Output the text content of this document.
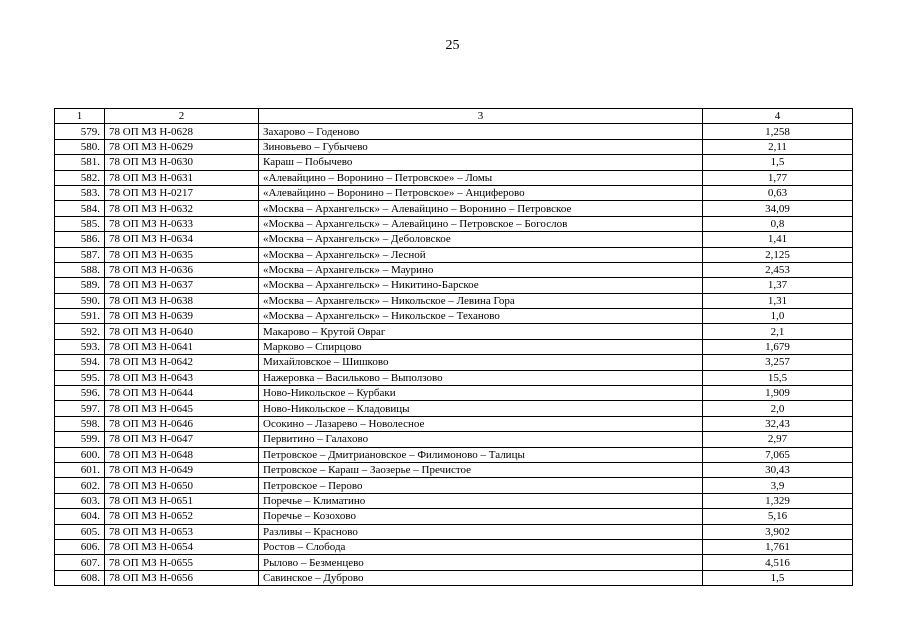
25
1	2	3	4
579.	78 ОП МЗ Н-0628	Захарово – Годеново	1,258
580.	78 ОП МЗ Н-0629	Зиновьево – Губычево	2,11
581.	78 ОП МЗ Н-0630	Караш – Побычево	1,5
582.	78 ОП МЗ Н-0631	«Алевайцино – Воронино – Петровское» – Ломы	1,77
583.	78 ОП МЗ Н-0217	«Алевайцино – Воронино – Петровское» – Анциферово	0,63
584.	78 ОП МЗ Н-0632	«Москва – Архангельск» – Алевайцино – Воронино – Петровское	34,09
585.	78 ОП МЗ Н-0633	«Москва – Архангельск» – Алевайцино – Петровское – Богослов	0,8
586.	78 ОП МЗ Н-0634	«Москва – Архангельск» – Деболовское	1,41
587.	78 ОП МЗ Н-0635	«Москва – Архангельск» – Лесной	2,125
588.	78 ОП МЗ Н-0636	«Москва – Архангельск» – Маурино	2,453
589.	78 ОП МЗ Н-0637	«Москва – Архангельск» – Никитино-Барское	1,37
590.	78 ОП МЗ Н-0638	«Москва – Архангельск» – Никольское – Левина Гора	1,31
591.	78 ОП МЗ Н-0639	«Москва – Архангельск» – Никольское – Теханово	1,0
592.	78 ОП МЗ Н-0640	Макарово – Крутой Овраг	2,1
593.	78 ОП МЗ Н-0641	Марково – Спирцово	1,679
594.	78 ОП МЗ Н-0642	Михайловское – Шишково	3,257
595.	78 ОП МЗ Н-0643	Нажеровка – Васильково – Выползово	15,5
596.	78 ОП МЗ Н-0644	Ново-Никольское – Курбаки	1,909
597.	78 ОП МЗ Н-0645	Ново-Никольское – Кладовицы	2,0
598.	78 ОП МЗ Н-0646	Осокино – Лазарево – Новолесное	32,43
599.	78 ОП МЗ Н-0647	Первитино – Галахово	2,97
600.	78 ОП МЗ Н-0648	Петровское – Дмитриановское – Филимоново – Талицы	7,065
601.	78 ОП МЗ Н-0649	Петровское – Караш – Заозерье – Пречистое	30,43
602.	78 ОП МЗ Н-0650	Петровское – Перово	3,9
603.	78 ОП МЗ Н-0651	Поречье – Климатино	1,329
604.	78 ОП МЗ Н-0652	Поречье – Козохово	5,16
605.	78 ОП МЗ Н-0653	Разливы – Красново	3,902
606.	78 ОП МЗ Н-0654	Ростов – Слобода	1,761
607.	78 ОП МЗ Н-0655	Рылово – Безменцево	4,516
608.	78 ОП МЗ Н-0656	Савинское – Дуброво	1,5
